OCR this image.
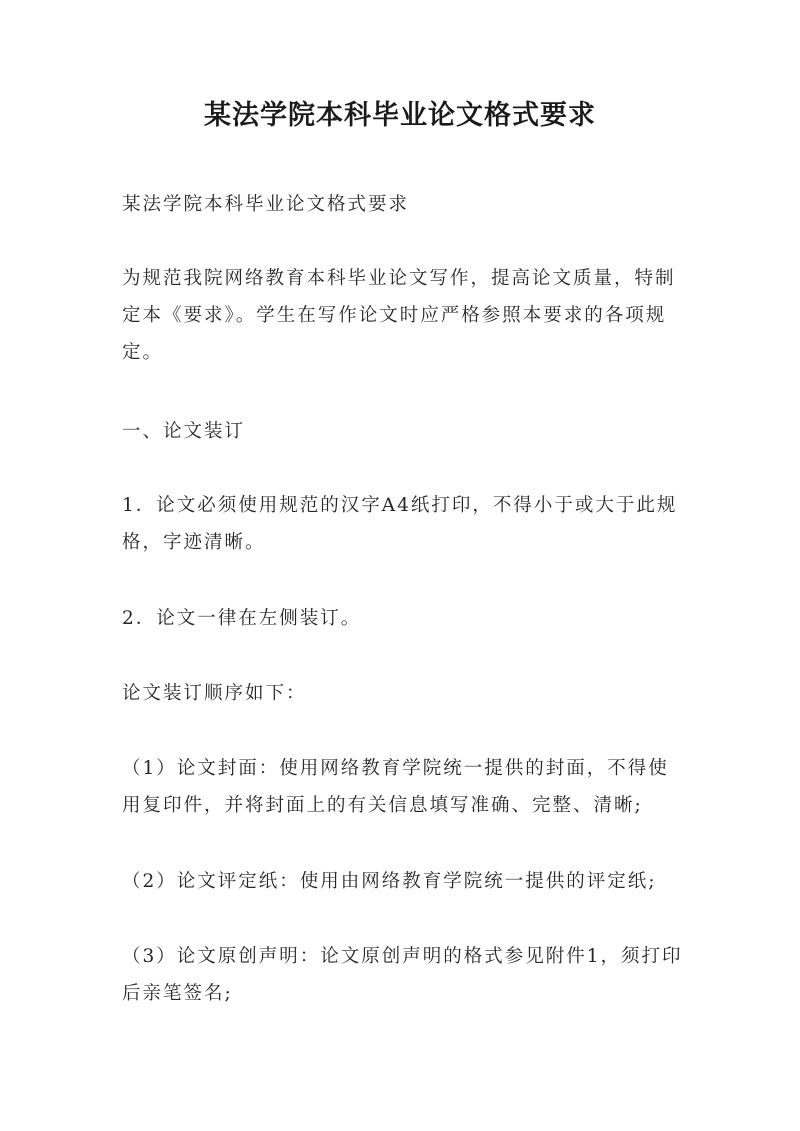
某法学院本科毕业论文格式要求

某法学院本科毕业论文格式要求

为规范我院网络教育本科毕业论文写作，提高论文质量，特制定本《要求》。学生在写作论文时应严格参照本要求的各项规定。

一、论文装订

1．论文必须使用规范的汉字A4纸打印，不得小于或大于此规格，字迹清晰。

2．论文一律在左侧装订。

论文装订顺序如下：

（1）论文封面：使用网络教育学院统一提供的封面，不得使用复印件，并将封面上的有关信息填写准确、完整、清晰;

（2）论文评定纸：使用由网络教育学院统一提供的评定纸;

（3）论文原创声明：论文原创声明的格式参见附件1，须打印后亲笔签名;
